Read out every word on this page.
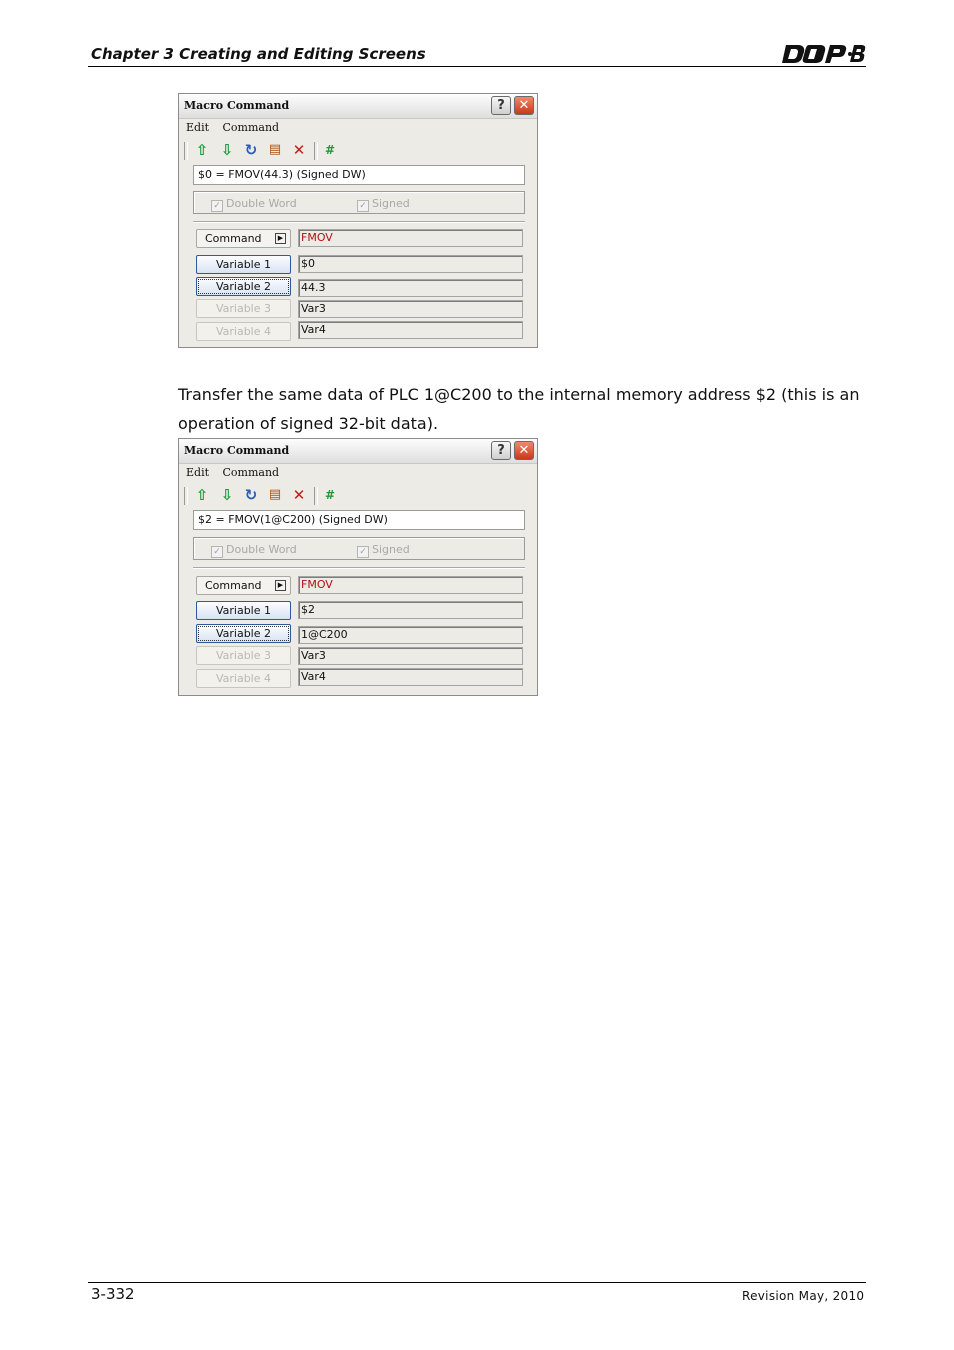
Chapter 3 Creating and Editing Screens
Macro Command	?	✕
Edit Command
⇧ ⇩ ↻ ▤ ✕	#
$0 = FMOV(44.3) (Signed DW)
✓ Double Word	✓ Signed
Command	▶ FMOV
Variable 1	$0
Variable 2	44.3
Variable 3	Var3
Variable 4	Var4
Transfer the same data of PLC 1@C200 to the internal memory address $2 (this is an operation of signed 32-bit data).
Macro Command	?	✕
Edit Command
⇧ ⇩ ↻ ▤ ✕	#
$2 = FMOV(1@C200) (Signed DW)
✓ Double Word	✓ Signed
Command	▶ FMOV
Variable 1	$2
Variable 2	1@C200
Variable 3	Var3
Variable 4	Var4
3-332	Revision May, 2010
